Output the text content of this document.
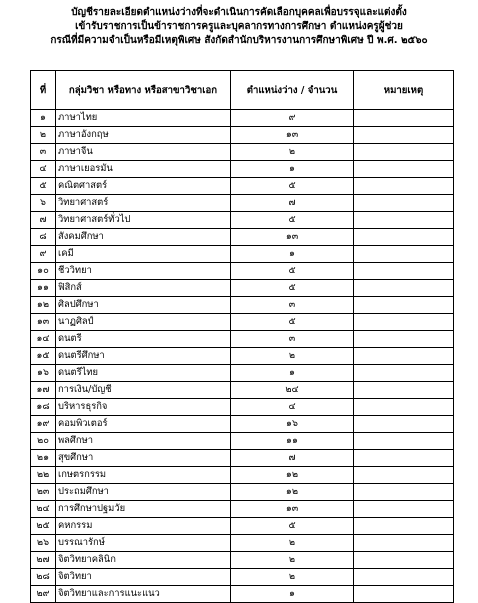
บัญชีรายละเอียดตำแหน่งว่างที่จะดำเนินการคัดเลือกบุคคลเพื่อบรรจุและแต่งตั้ง
เข้ารับราชการเป็นข้าราชการครูและบุคลากรทางการศึกษา ตำแหน่งครูผู้ช่วย
กรณีที่มีความจำเป็นหรือมีเหตุพิเศษ สังกัดสำนักบริหารงานการศึกษาพิเศษ ปี พ.ศ. ๒๕๖๐
ที่	กลุ่มวิชา หรือทาง หรือสาขาวิชาเอก	ตำแหน่งว่าง / จำนวน	หมายเหตุ
๑	ภาษาไทย	๙	
๒	ภาษาอังกฤษ	๑๓	
๓	ภาษาจีน	๒	
๔	ภาษาเยอรมัน	๑	
๕	คณิตศาสตร์	๕	
๖	วิทยาศาสตร์	๗	
๗	วิทยาศาสตร์ทั่วไป	๕	
๘	สังคมศึกษา	๑๓	
๙	เคมี	๑	
๑๐	ชีววิทยา	๕	
๑๑	ฟิสิกส์	๕	
๑๒	ศิลปศึกษา	๓	
๑๓	นาฏศิลป์	๕	
๑๔	ดนตรี	๓	
๑๕	ดนตรีศึกษา	๒	
๑๖	ดนตรีไทย	๑	
๑๗	การเงิน/บัญชี	๒๔	
๑๘	บริหารธุรกิจ	๔	
๑๙	คอมพิวเตอร์	๑๖	
๒๐	พลศึกษา	๑๑	
๒๑	สุขศึกษา	๗	
๒๒	เกษตรกรรม	๑๒	
๒๓	ประถมศึกษา	๑๒	
๒๔	การศึกษาปฐมวัย	๑๓	
๒๕	คหกรรม	๕	
๒๖	บรรณารักษ์	๒	
๒๗	จิตวิทยาคลินิก	๒	
๒๘	จิตวิทยา	๒	
๒๙	จิตวิทยาและการแนะแนว	๑	
